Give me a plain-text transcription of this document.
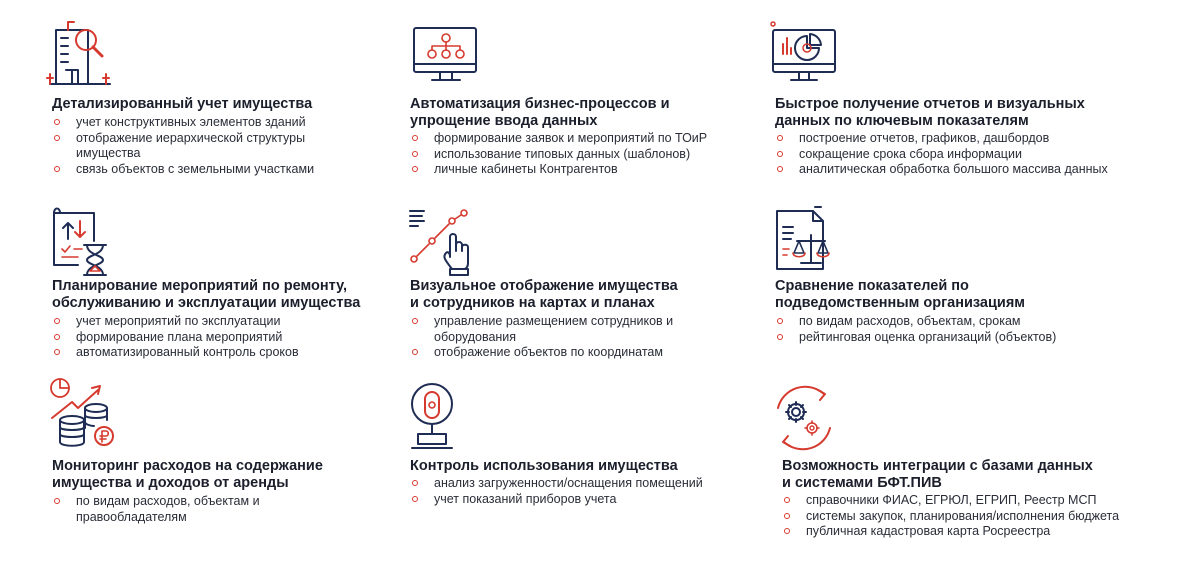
Детализированный учет имущества
учет конструктивных элементов зданий
отображение иерархической структуры
имущества
связь объектов с земельными участками
Автоматизация бизнес-процессов и
упрощение ввода данных
формирование заявок и мероприятий по ТОиР
использование типовых данных (шаблонов)
личные кабинеты Контрагентов
Быстрое получение отчетов и визуальных
данных по ключевым показателям
построение отчетов, графиков, дашбордов
сокращение срока сбора информации
аналитическая обработка большого массива данных
Планирование мероприятий по ремонту,
обслуживанию и эксплуатации имущества
учет мероприятий по эксплуатации
формирование плана мероприятий
автоматизированный контроль сроков
Визуальное отображение имущества
и сотрудников на картах и планах
управление размещением сотрудников и
оборудования
отображение объектов по координатам
Сравнение показателей по
подведомственным организациям
по видам расходов, объектам, срокам
рейтинговая оценка организаций (объектов)
Мониторинг расходов на содержание
имущества и доходов от аренды
по видам расходов, объектам и
правообладателям
Контроль использования имущества
анализ загруженности/оснащения помещений
учет показаний приборов учета
Возможность интеграции с базами данных
и системами БФТ.ПИВ
справочники ФИАС, ЕГРЮЛ, ЕГРИП, Реестр МСП
системы закупок, планирования/исполнения бюджета
публичная кадастровая карта Росреестра
